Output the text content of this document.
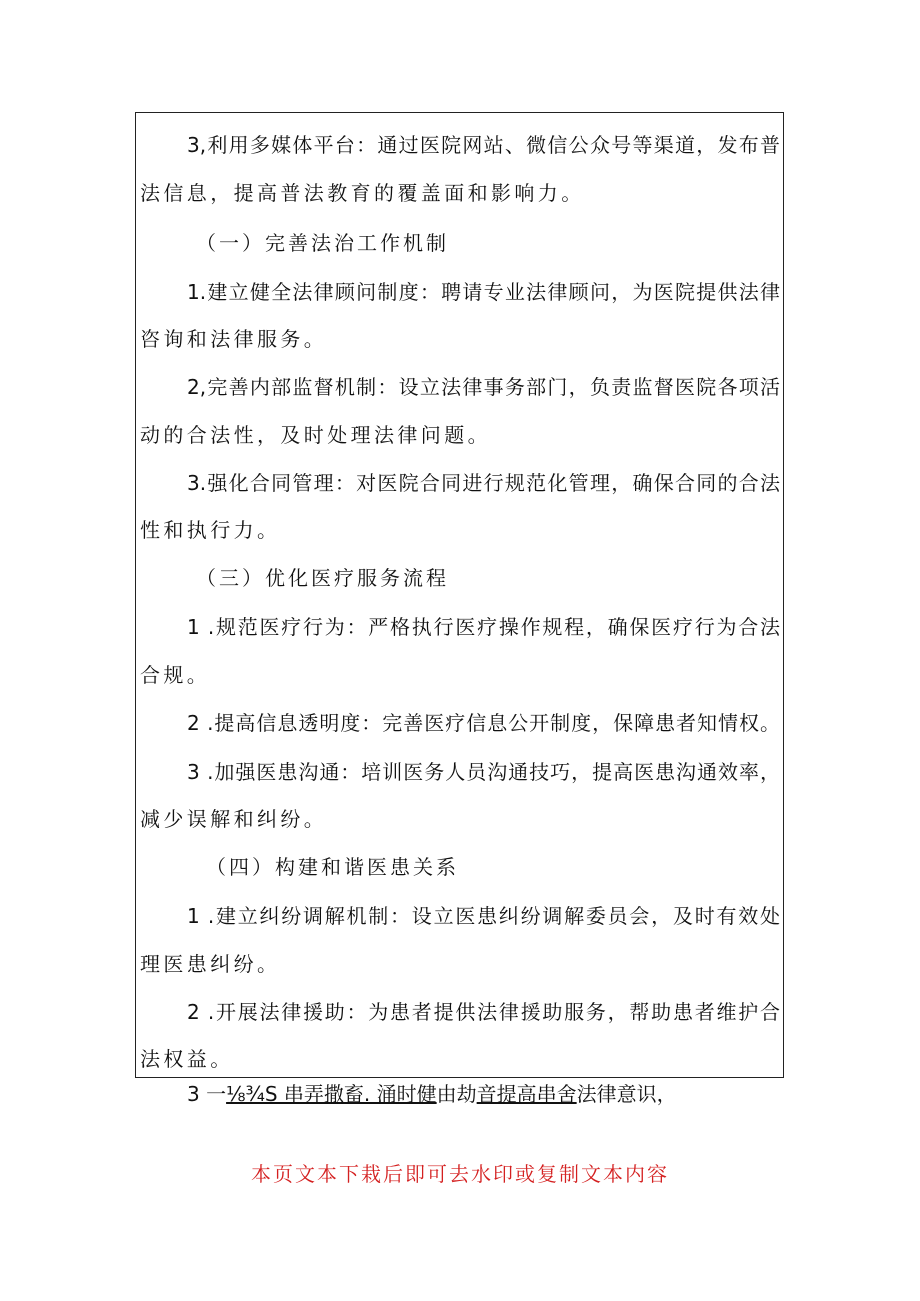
3,利用多媒体平台：通过医院网站、微信公众号等渠道，发布普
法信息，提高普法教育的覆盖面和影响力。
（一）完善法治工作机制
1.建立健全法律顾问制度：聘请专业法律顾问，为医院提供法律
咨询和法律服务。
2,完善内部监督机制：设立法律事务部门，负责监督医院各项活
动的合法性，及时处理法律问题。
3.强化合同管理：对医院合同进行规范化管理，确保合同的合法
性和执行力。
（三）优化医疗服务流程
1 .规范医疗行为：严格执行医疗操作规程，确保医疗行为合法
合规。
2 .提高信息透明度：完善医疗信息公开制度，保障患者知情权。
3 .加强医患沟通：培训医务人员沟通技巧，提高医患沟通效率，
减少误解和纠纷。
（四）构建和谐医患关系
1 .建立纠纷调解机制：设立医患纠纷调解委员会，及时有效处
理医患纠纷。
2 .开展法律援助：为患者提供法律援助服务，帮助患者维护合
法权益。
3 一⅛¾S 串弄撒畜. 涌时健由劫音提高串舍法律意识，
本页文本下栽后即可去水印或复制文本内容
